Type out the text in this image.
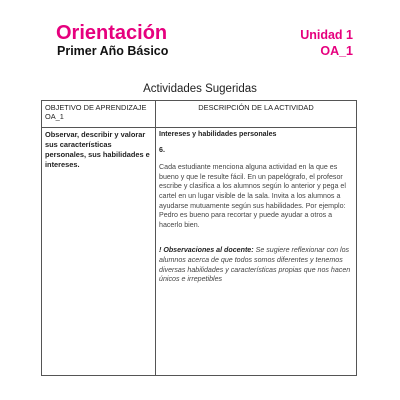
Orientación
Primer Año Básico
Unidad 1
OA_1
Actividades Sugeridas
OBJETIVO DE APRENDIZAJE OA_1	DESCRIPCIÓN DE LA ACTIVIDAD
Observar, describir y valorar sus características personales, sus habilidades e intereses.	Intereses y habilidades personales
6.
Cada estudiante menciona alguna actividad en la que es bueno y que le resulte fácil. En un papelógrafo, el profesor escribe y clasifica a los alumnos según lo anterior y pega el cartel en un lugar visible de la sala. Invita a los alumnos a ayudarse mutuamente según sus habilidades. Por ejemplo: Pedro es bueno para recortar y puede ayudar a otros a hacerlo bien.
! Observaciones al docente: Se sugiere reflexionar con los alumnos acerca de que todos somos diferentes y tenemos diversas habilidades y características propias que nos hacen únicos e irrepetibles
